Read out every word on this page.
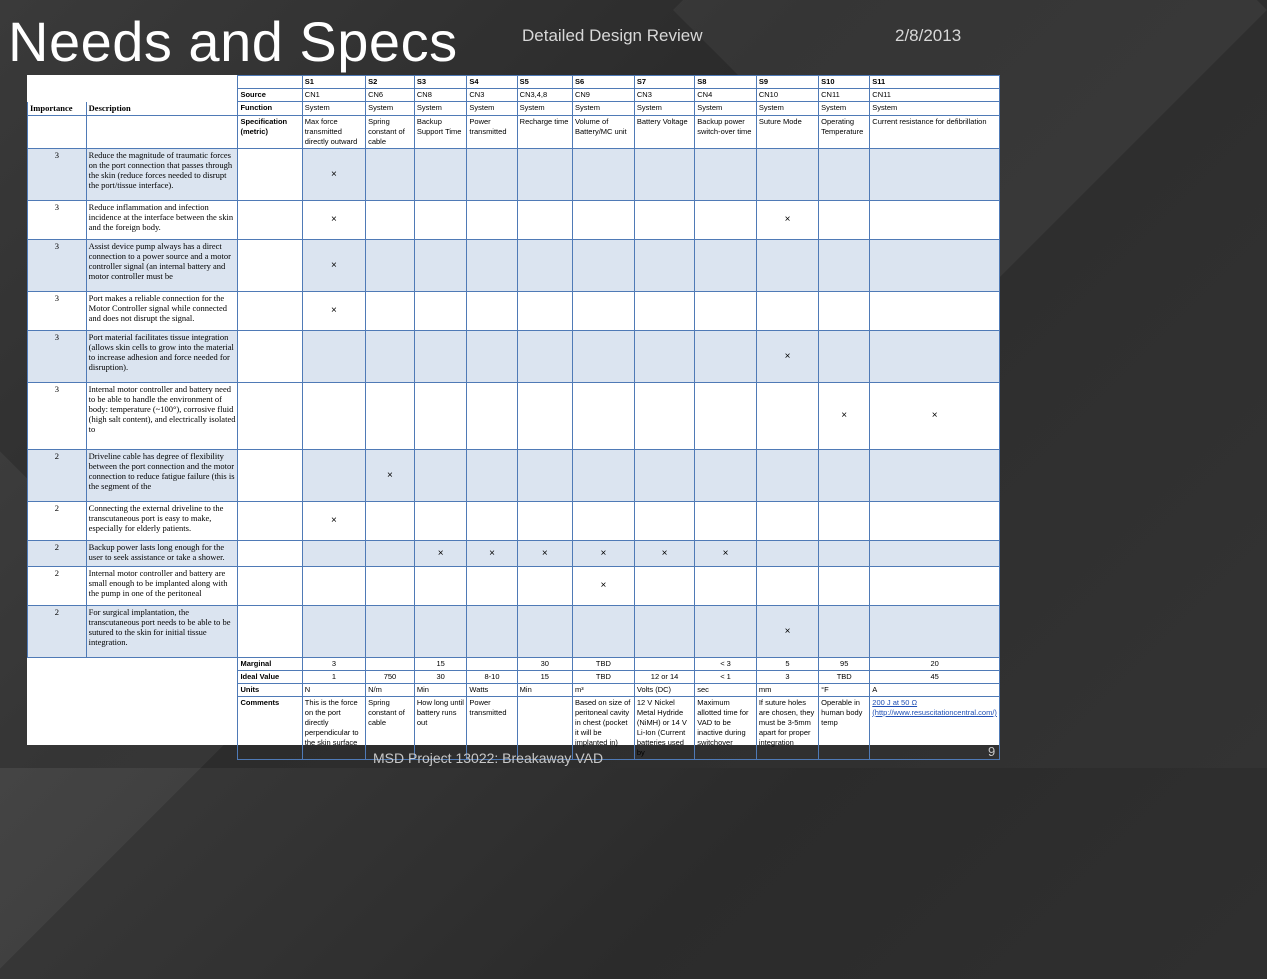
Needs and Specs	Detailed Design Review	2/8/2013
			S1	S2	S3	S4	S5	S6	S7	S8	S9	S10	S11
		Source	CN1	CN6	CN8	CN3	CN3,4,8	CN9	CN3	CN4	CN10	CN11	CN11
Importance	Description	Function	System	System	System	System	System	System	System	System	System	System	System
		Specification (metric)	Max force transmitted directly outward	Spring constant of cable	Backup Support Time	Power transmitted	Recharge time	Volume of Battery/MC unit	Battery Voltage	Backup power switch-over time	Suture Mode	Operating Temperature	Current resistance for defibrillation
3	Reduce the magnitude of traumatic forces on the port connection that passes through the skin (reduce forces needed to disrupt the port/tissue interface).		×										
3	Reduce inflammation and infection incidence at the interface between the skin and the foreign body.		×								×		
3	Assist device pump always has a direct connection to a power source and a motor controller signal (an internal battery and motor controller must be		×										
3	Port makes a reliable connection for the Motor Controller signal while connected and does not disrupt the signal.		×										
3	Port material facilitates tissue integration (allows skin cells to grow into the material to increase adhesion and force needed for disruption).										×		
3	Internal motor controller and battery need to be able to handle the environment of body: temperature (~100°), corrosive fluid (high salt content), and electrically isolated to											×	×
2	Driveline cable has degree of flexibility between the port connection and the motor connection to reduce fatigue failure (this is the segment of the			×									
2	Connecting the external driveline to the transcutaneous port is easy to make, especially for elderly patients.		×										
2	Backup power lasts long enough for the user to seek assistance or take a shower.				×	×	×	×	×	×			
2	Internal motor controller and battery are small enough to be implanted along with the pump in one of the peritoneal							×					
2	For surgical implantation, the transcutaneous port needs to be able to be sutured to the skin for initial tissue integration.										×		
		Marginal	3		15		30	TBD		< 3	5	95	20
		Ideal Value	1	750	30	8-10	15	TBD	12 or 14	< 1	3	TBD	45
		Units	N	N/m	Min	Watts	Min	m³	Volts (DC)	sec	mm	°F	A
		Comments	This is the force on the port directly perpendicular to the skin surface	Spring constant of cable	How long until battery runs out	Power transmitted		Based on size of peritoneal cavity in chest (pocket it will be implanted in)	12 V Nickel Metal Hydride (NiMH) or 14 V Li-Ion (Current batteries used by	Maximum allotted time for VAD to be inactive during switchover	If suture holes are chosen, they must be 3-5mm apart for proper integration	Operable in human body temp	200 J at 50 Ω (http://www.resuscitationcentral.com/)
MSD Project 13022: Breakaway VAD	9
